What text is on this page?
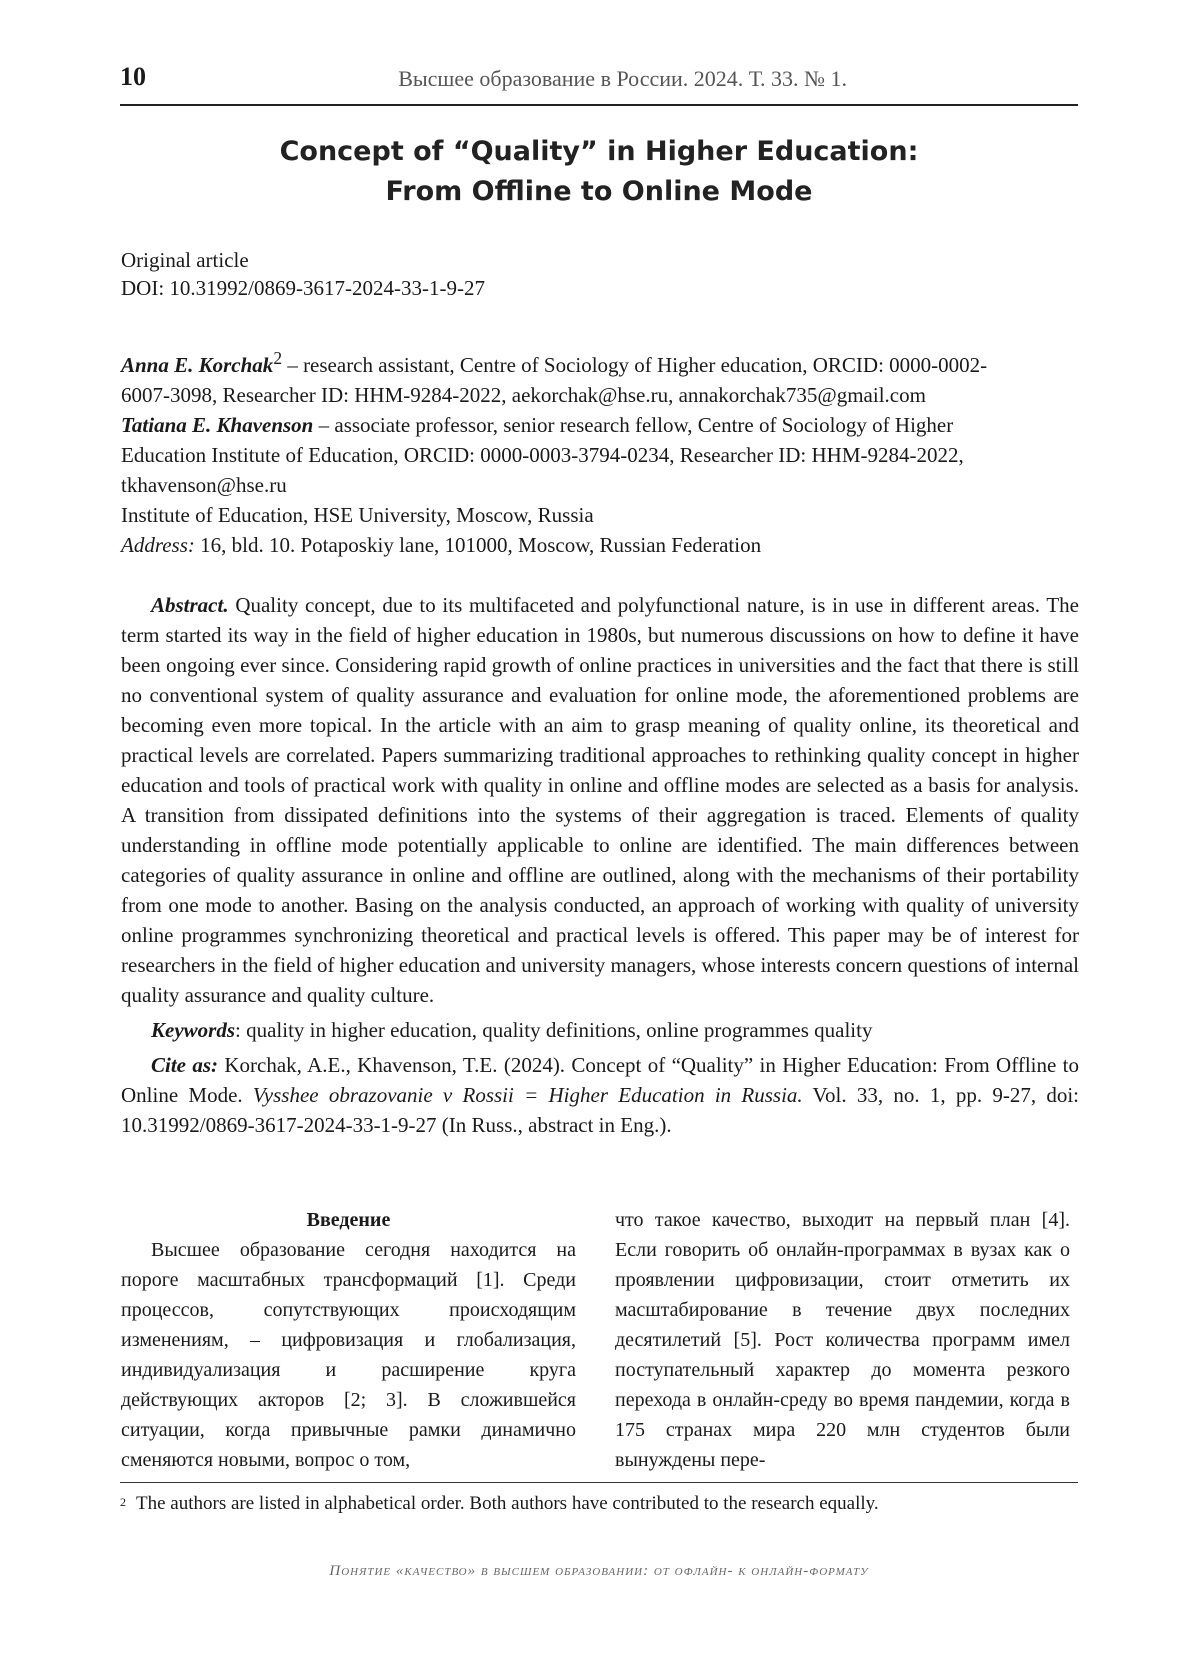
10	Высшее образование в России. 2024. Т. 33. № 1.
Concept of “Quality” in Higher Education:
From Offline to Online Mode
Original article
DOI: 10.31992/0869-3617-2024-33-1-9-27
Anna E. Korchak$^2$ – research assistant, Centre of Sociology of Higher education, ORCID: 0000-0002-
6007-3098, Researcher ID: HHM-9284-2022, aekorchak@hse.ru, annakorchak735@gmail.com
Tatiana E. Khavenson – associate professor, senior research fellow, Centre of Sociology of Higher
Education Institute of Education, ORCID: 0000-0003-3794-0234, Researcher ID: HHM-9284-2022,
tkhavenson@hse.ru
Institute of Education, HSE University, Moscow, Russia
Address: 16, bld. 10. Potaposkiy lane, 101000, Moscow, Russian Federation

Abstract. Quality concept, due to its multifaceted and polyfunctional nature, is in use in different areas. The term started its way in the field of higher education in 1980s, but numerous discussions on how to define it have been ongoing ever since. Considering rapid growth of online practices in universities and the fact that there is still no conventional system of quality assurance and evaluation for online mode, the aforementioned problems are becoming even more topical. In the article with an aim to grasp meaning of quality online, its theoretical and practical levels are correlated. Papers summarizing traditional approaches to rethinking quality concept in higher education and tools of practical work with quality in online and offline modes are selected as a basis for analysis. A transition from dissipated definitions into the systems of their aggregation is traced. Elements of quality understanding in offline mode potentially applicable to online are identified. The main differences between categories of quality assurance in online and offline are outlined, along with the mechanisms of their portability from one mode to another. Basing on the analysis conducted, an approach of working with quality of university online programmes synchronizing theoretical and practical levels is offered. This paper may be of interest for researchers in the field of higher education and university managers, whose interests concern questions of internal quality assurance and quality culture.

Keywords: quality in higher education, quality definitions, online programmes quality

Cite as: Korchak, A.E., Khavenson, T.E. (2024). Concept of “Quality” in Higher Education: From Offline to Online Mode. Vysshee obrazovanie v Rossii = Higher Education in Russia. Vol. 33, no. 1, pp. 9-27, doi: 10.31992/0869-3617-2024-33-1-9-27 (In Russ., abstract in Eng.).

Введение

Высшее образование сегодня находится на пороге масштабных трансформаций [1]. Среди процессов, сопутствующих происходящим изменениям, – цифровизация и глобализация, индивидуализация и расширение круга действующих акторов [2; 3]. В сложившейся ситуации, когда привычные рамки динамично сменяются новыми, вопрос о том,

что такое качество, выходит на первый план [4]. Если говорить об онлайн-программах в вузах как о проявлении цифровизации, стоит отметить их масштабирование в течение двух последних десятилетий [5]. Рост количества программ имел поступательный характер до момента резкого перехода в онлайн-среду во время пандемии, когда в 175 странах мира 220 млн студентов были вынуждены пере-

$^2$ The authors are listed in alphabetical order. Both authors have contributed to the research equally.
Понятие «качество» в высшем образовании: от офлайн- к онлайн-формату
